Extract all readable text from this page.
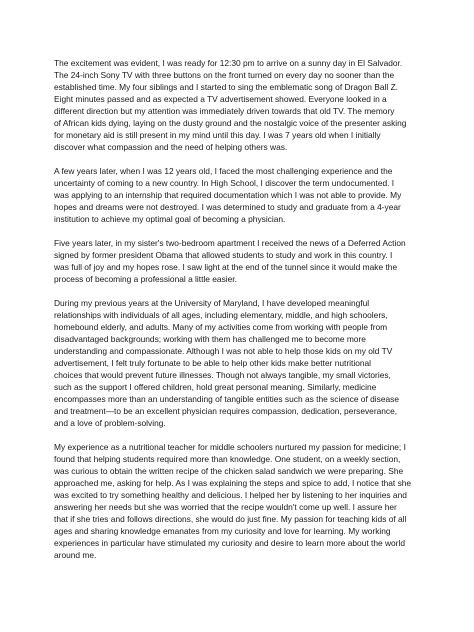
The excitement was evident, I was ready for 12:30 pm to arrive on a sunny day in El Salvador.
The 24-inch Sony TV with three buttons on the front turned on every day no sooner than the
established time. My four siblings and I started to sing the emblematic song of Dragon Ball Z.
Eight minutes passed and as expected a TV advertisement showed. Everyone looked in a
different direction but my attention was immediately driven towards that old TV. The memory
of African kids dying, laying on the dusty ground and the nostalgic voice of the presenter asking
for monetary aid is still present in my mind until this day. I was 7 years old when I initially
discover what compassion and the need of helping others was.

A few years later, when I was 12 years old, I faced the most challenging experience and the
uncertainty of coming to a new country. In High School, I discover the term undocumented. I
was applying to an internship that required documentation which I was not able to provide. My
hopes and dreams were not destroyed. I was determined to study and graduate from a 4-year
institution to achieve my optimal goal of becoming a physician.

Five years later, in my sister's two-bedroom apartment I received the news of a Deferred Action
signed by former president Obama that allowed students to study and work in this country. I
was full of joy and my hopes rose. I saw light at the end of the tunnel since it would make the
process of becoming a professional a little easier.

During my previous years at the University of Maryland, I have developed meaningful
relationships with individuals of all ages, including elementary, middle, and high schoolers,
homebound elderly, and adults. Many of my activities come from working with people from
disadvantaged backgrounds; working with them has challenged me to become more
understanding and compassionate. Although I was not able to help those kids on my old TV
advertisement, I felt truly fortunate to be able to help other kids make better nutritional
choices that would prevent future illnesses. Though not always tangible, my small victories,
such as the support I offered children, hold great personal meaning. Similarly, medicine
encompasses more than an understanding of tangible entities such as the science of disease
and treatment—to be an excellent physician requires compassion, dedication, perseverance,
and a love of problem-solving.

My experience as a nutritional teacher for middle schoolers nurtured my passion for medicine; I
found that helping students required more than knowledge. One student, on a weekly section,
was curious to obtain the written recipe of the chicken salad sandwich we were preparing. She
approached me, asking for help. As I was explaining the steps and spice to add, I notice that she
was excited to try something healthy and delicious. I helped her by listening to her inquiries and
answering her needs but she was worried that the recipe wouldn't come up well. I assure her
that if she tries and follows directions, she would do just fine. My passion for teaching kids of all
ages and sharing knowledge emanates from my curiosity and love for learning. My working
experiences in particular have stimulated my curiosity and desire to learn more about the world
around me.
